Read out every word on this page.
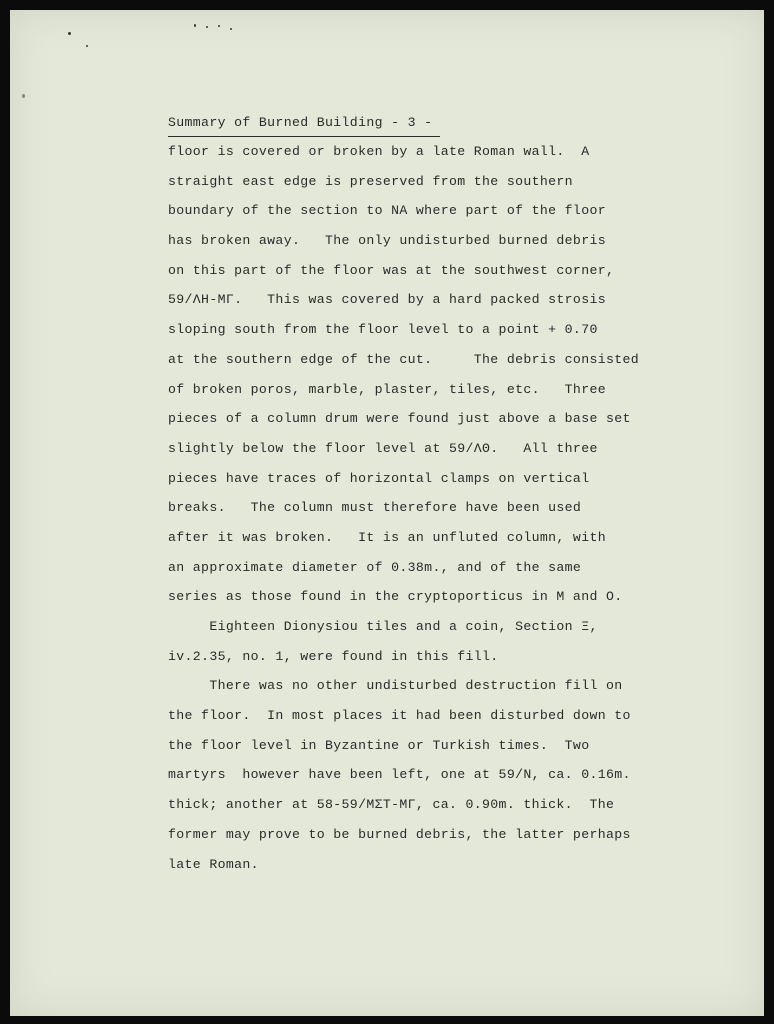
Summary of Burned Building - 3 -
floor is covered or broken by a late Roman wall.  A
straight east edge is preserved from the southern
boundary of the section to NA where part of the floor
has broken away.   The only undisturbed burned debris
on this part of the floor was at the southwest corner,
59/ΛΗ-ΜΓ.   This was covered by a hard packed strosis
sloping south from the floor level to a point + 0.70
at the southern edge of the cut.     The debris consisted
of broken poros, marble, plaster, tiles, etc.   Three
pieces of a column drum were found just above a base set
slightly below the floor level at 59/ΛΘ.   All three
pieces have traces of horizontal clamps on vertical
breaks.   The column must therefore have been used
after it was broken.   It is an unfluted column, with
an approximate diameter of 0.38m., and of the same
series as those found in the cryptoporticus in M and O.
Eighteen Dionysiou tiles and a coin, Section Ξ,
iv.2.35, no. 1, were found in this fill.
There was no other undisturbed destruction fill on
the floor.  In most places it had been disturbed down to
the floor level in Byzantine or Turkish times.  Two
martyrs  however have been left, one at 59/N, ca. 0.16m.
thick; another at 58-59/ΜΣΤ-ΜΓ, ca. 0.90m. thick.  The
former may prove to be burned debris, the latter perhaps
late Roman.
